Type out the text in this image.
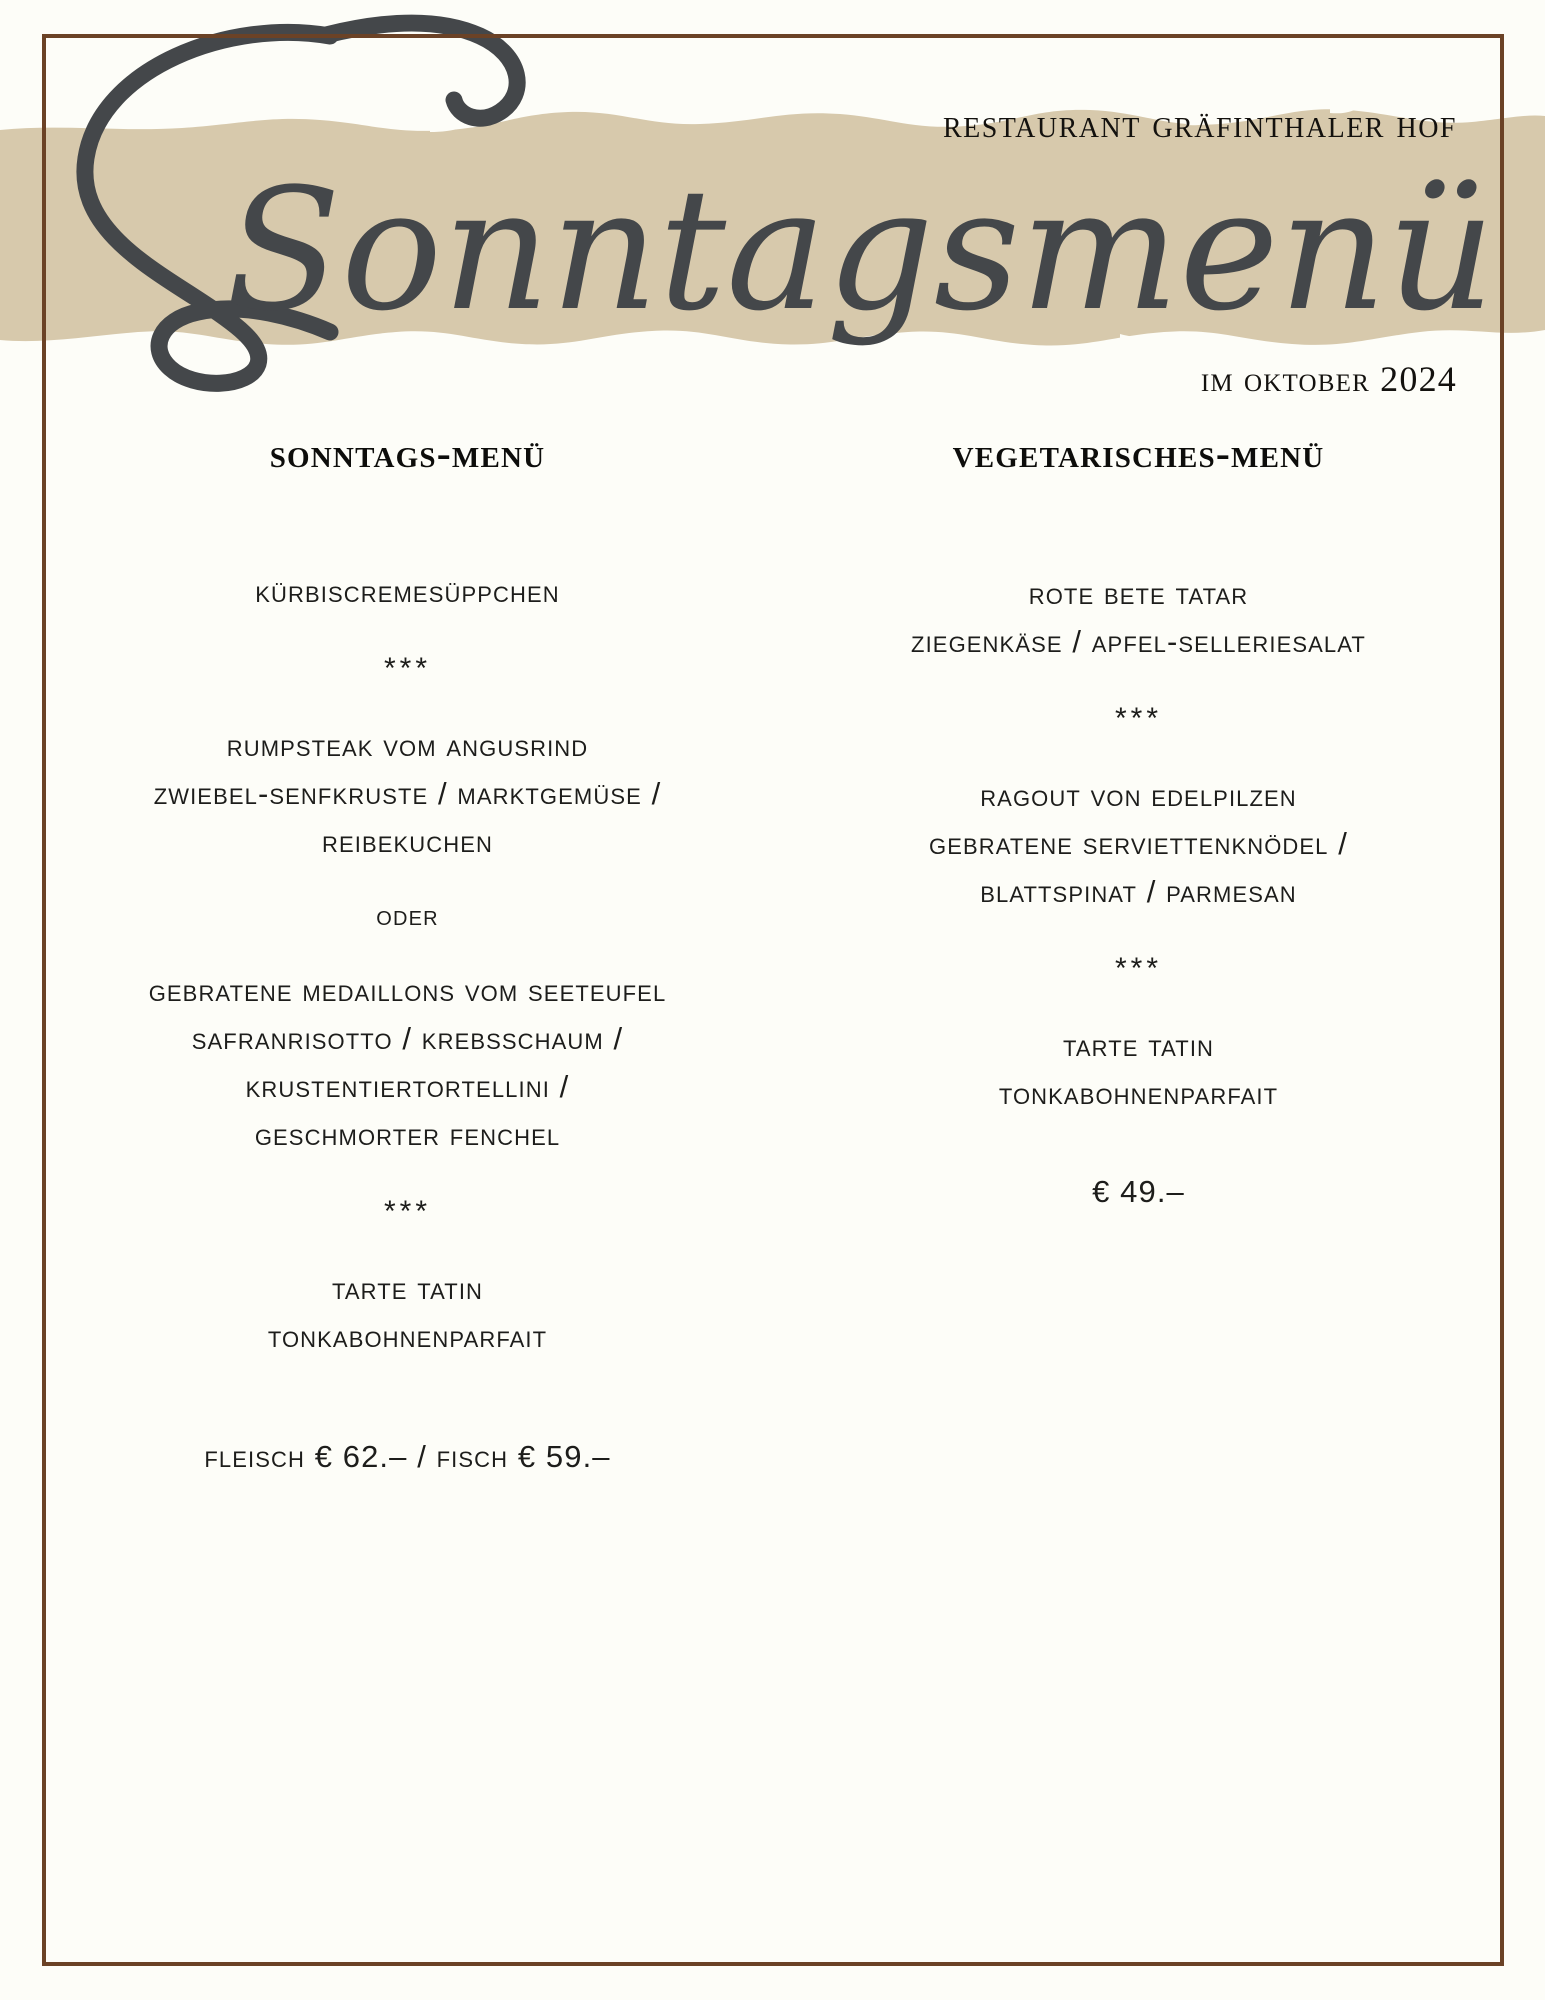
Sonntagsmenü
restaurant gräfinthaler hof
im oktober 2024
sonntags-menü
kürbiscremesüppchen
***
rumpsteak vom angusrind
zwiebel-senfkruste / marktgemüse /
reibekuchen
oder
gebratene medaillons vom seeteufel
safranrisotto / krebsschaum /
krustentiertortellini /
geschmorter fenchel
***
tarte tatin
tonkabohnenparfait
fleisch € 62.– / fisch € 59.–
vegetarisches-menü
rote bete tatar
ziegenkäse / apfel-selleriesalat
***
ragout von edelpilzen
gebratene serviettenknödel /
blattspinat / parmesan
***
tarte tatin
tonkabohnenparfait
€ 49.–
